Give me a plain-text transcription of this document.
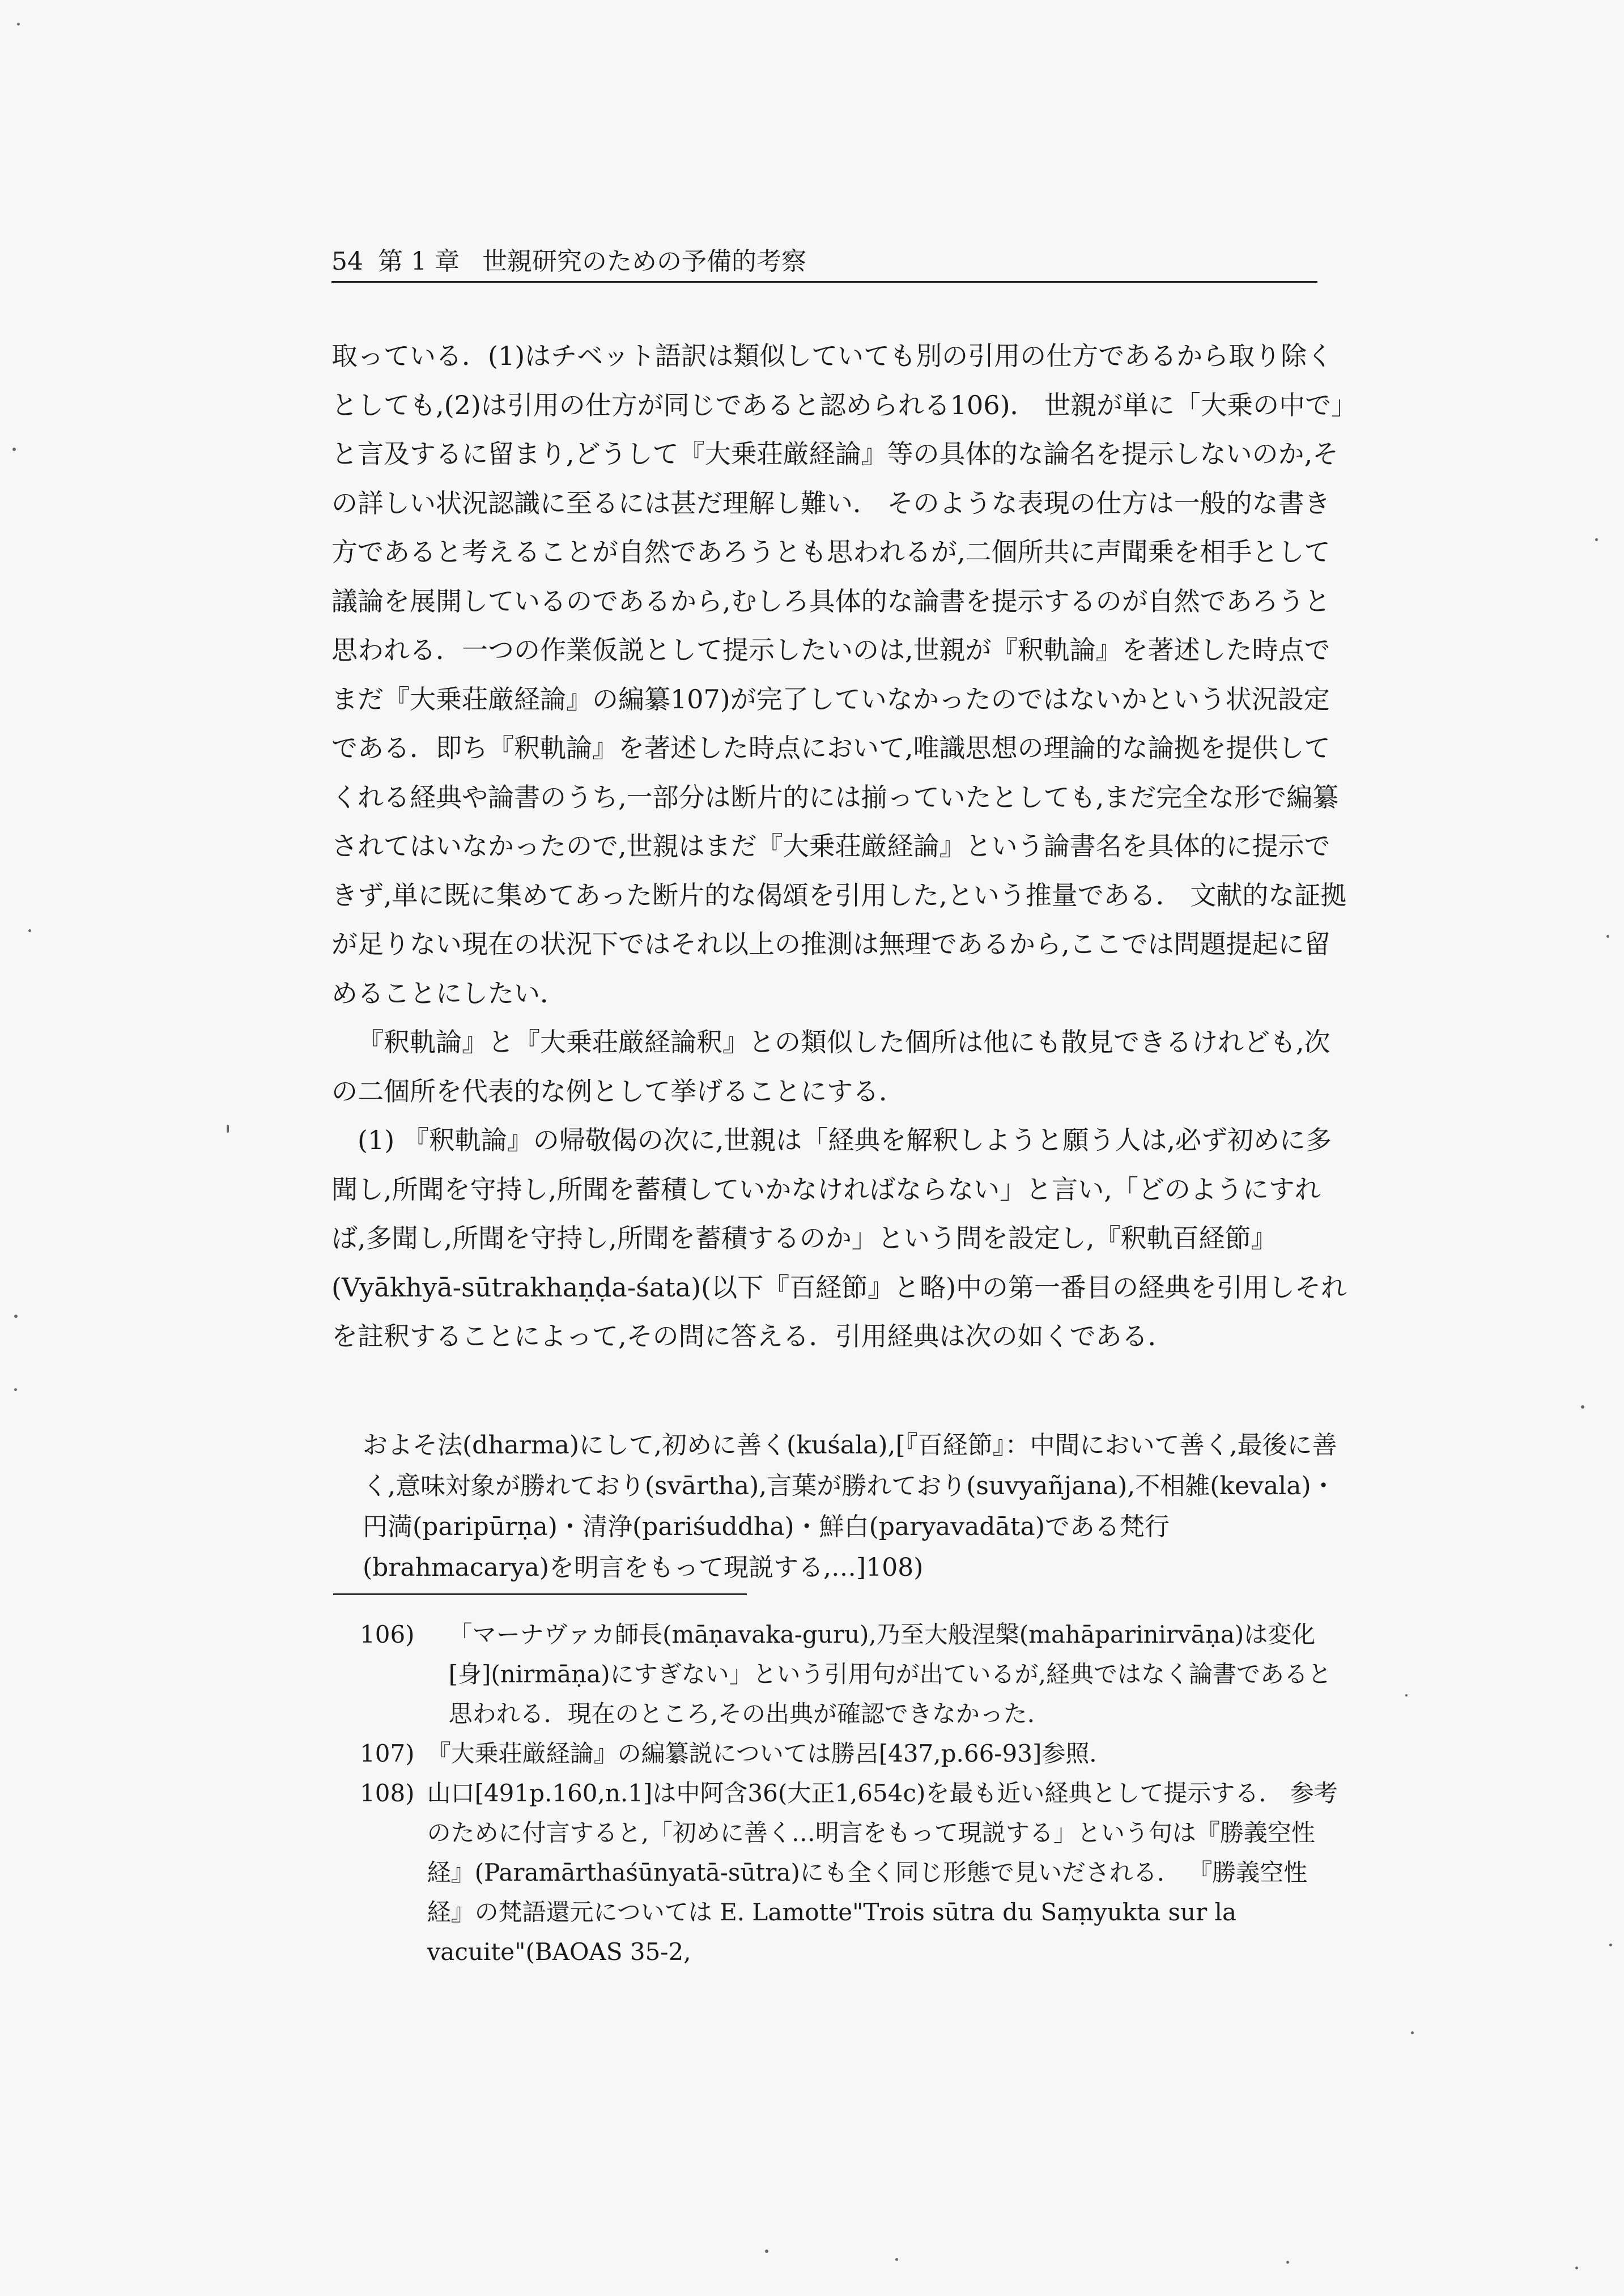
54 第 1 章 世親研究のための予備的考察

取っている．(1)はチベット語訳は類似していても別の引用の仕方であるから取り除くとしても,(2)は引用の仕方が同じであると認められる106)． 世親が単に「大乗の中で」と言及するに留まり,どうして『大乗荘厳経論』等の具体的な論名を提示しないのか,その詳しい状況認識に至るには甚だ理解し難い． そのような表現の仕方は一般的な書き方であると考えることが自然であろうとも思われるが,二個所共に声聞乗を相手として議論を展開しているのであるから,むしろ具体的な論書を提示するのが自然であろうと思われる．一つの作業仮説として提示したいのは,世親が『釈軌論』を著述した時点でまだ『大乗荘厳経論』の編纂107)が完了していなかったのではないかという状況設定である．即ち『釈軌論』を著述した時点において,唯識思想の理論的な論拠を提供してくれる経典や論書のうち,一部分は断片的には揃っていたとしても,まだ完全な形で編纂されてはいなかったので,世親はまだ『大乗荘厳経論』という論書名を具体的に提示できず,単に既に集めてあった断片的な偈頌を引用した,という推量である． 文献的な証拠が足りない現在の状況下ではそれ以上の推測は無理であるから,ここでは問題提起に留めることにしたい．

『釈軌論』と『大乗荘厳経論釈』との類似した個所は他にも散見できるけれども,次の二個所を代表的な例として挙げることにする．

(1) 『釈軌論』の帰敬偈の次に,世親は「経典を解釈しようと願う人は,必ず初めに多聞し,所聞を守持し,所聞を蓄積していかなければならない」と言い,「どのようにすれば,多聞し,所聞を守持し,所聞を蓄積するのか」という問を設定し,『釈軌百経節』(Vyākhyā-sūtrakhaṇḍa-śata)(以下『百経節』と略)中の第一番目の経典を引用しそれを註釈することによって,その問に答える．引用経典は次の如くである．

およそ法(dharma)にして,初めに善く(kuśala),[『百経節』：中間において善く,最後に善く,意味対象が勝れており(svārtha),言葉が勝れており(suvyañjana),不相雑(kevala)・円満(paripūrṇa)・清浄(pariśuddha)・鮮白(paryavadāta)である梵行(brahmacarya)を明言をもって現説する,…]108)

106) 「マーナヴァカ師長(māṇavaka-guru),乃至大般涅槃(mahāparinirvāṇa)は変化[身](nirmāṇa)にすぎない」という引用句が出ているが,経典ではなく論書であると思われる．現在のところ,その出典が確認できなかった．
107) 『大乗荘厳経論』の編纂説については勝呂[437,p.66-93]参照．
108) 山口[491p.160,n.1]は中阿含36(大正1,654c)を最も近い経典として提示する． 参考のために付言すると,「初めに善く…明言をもって現説する」という句は『勝義空性経』(Paramārthaśūnyatā-sūtra)にも全く同じ形態で見いだされる． 『勝義空性経』の梵語還元については E. Lamotte"Trois sūtra du Saṃyukta sur la vacuite"(BAOAS 35-2,
